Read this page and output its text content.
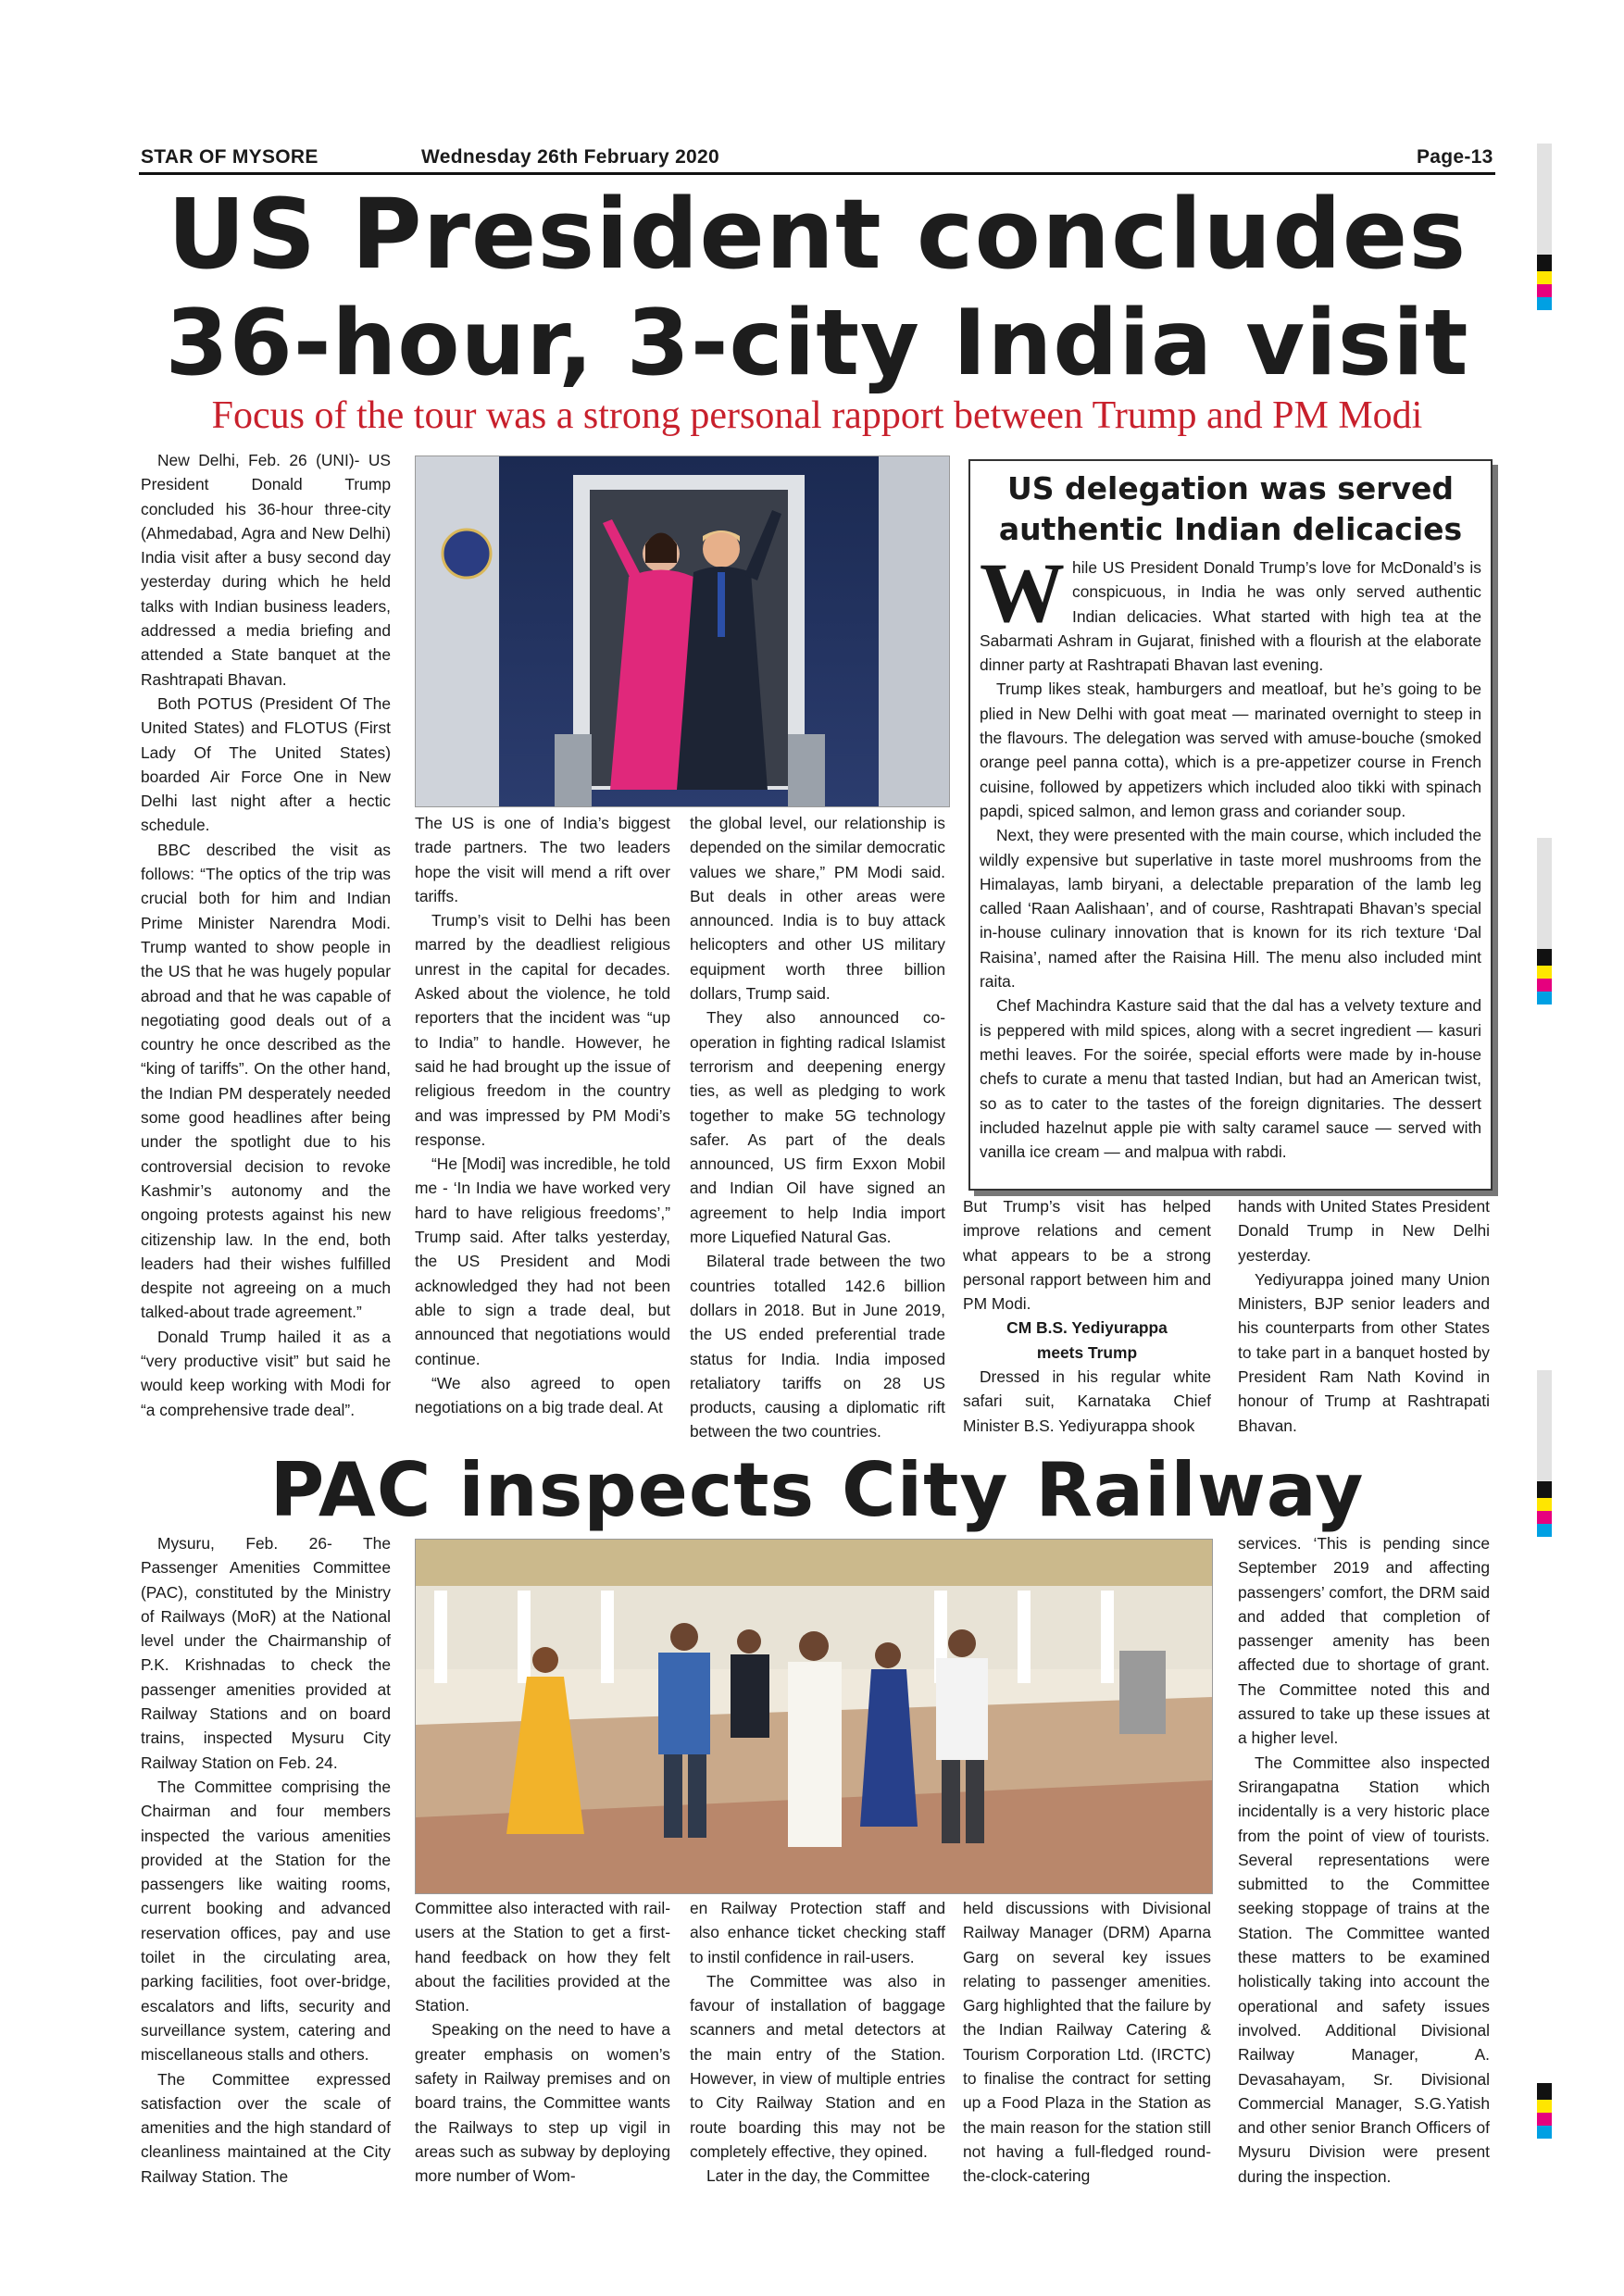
STAR OF MYSORE	Wednesday 26th February 2020	Page-13
US President concludes
36-hour, 3-city India visit
Focus of the tour was a strong personal rapport between Trump and PM Modi

New Delhi, Feb. 26 (UNI)- US President Donald Trump concluded his 36-hour three-city (Ahmedabad, Agra and New Delhi) India visit after a busy second day yesterday during which he held talks with Indian business leaders, addressed a media briefing and attended a State banquet at the Rashtrapati Bhavan.

Both POTUS (President Of The United States) and FLOTUS (First Lady Of The United States) boarded Air Force One in New Delhi last night after a hectic schedule.

BBC described the visit as follows: “The optics of the trip was crucial both for him and Indian Prime Minister Narendra Modi. Trump wanted to show people in the US that he was hugely popular abroad and that he was capable of negotiating good deals out of a country he once described as the “king of tariffs”. On the other hand, the Indian PM desperately needed some good headlines after being under the spotlight due to his controversial decision to revoke Kashmir’s autonomy and the ongoing protests against his new citizenship law. In the end, both leaders had their wishes fulfilled despite not agreeing on a much talked-about trade agreement.”

Donald Trump hailed it as a “very productive visit” but said he would keep working with Modi for “a comprehensive trade deal”.

The US is one of India’s biggest trade partners. The two leaders hope the visit will mend a rift over tariffs.

Trump’s visit to Delhi has been marred by the deadliest religious unrest in the capital for decades. Asked about the violence, he told reporters that the incident was “up to India” to handle. However, he said he had brought up the issue of religious freedom in the country and was impressed by PM Modi’s response.

“He [Modi] was incredible, he told me - ‘In India we have worked very hard to have religious freedoms’,” Trump said. After talks yesterday, the US President and Modi acknowledged they had not been able to sign a trade deal, but announced that negotiations would continue.

“We also agreed to open negotiations on a big trade deal. At

the global level, our relationship is depended on the similar democratic values we share,” PM Modi said. But deals in other areas were announced. India is to buy attack helicopters and other US military equipment worth three billion dollars, Trump said.

They also announced co-operation in fighting radical Islamist terrorism and deepening energy ties, as well as pledging to work together to make 5G technology safer. As part of the deals announced, US firm Exxon Mobil and Indian Oil have signed an agreement to help India import more Liquefied Natural Gas.

Bilateral trade between the two countries totalled 142.6 billion dollars in 2018. But in June 2019, the US ended preferential trade status for India. India imposed retaliatory tariffs on 28 US products, causing a diplomatic rift between the two countries.

US delegation was served authentic Indian delicacies

While US President Donald Trump’s love for McDonald’s is conspicuous, in India he was only served authentic Indian delicacies. What started with high tea at the Sabarmati Ashram in Gujarat, finished with a flourish at the elaborate dinner party at Rashtrapati Bhavan last evening.

Trump likes steak, hamburgers and meatloaf, but he’s going to be plied in New Delhi with goat meat — marinated overnight to steep in the flavours. The delegation was served with amuse-bouche (smoked orange peel panna cotta), which is a pre-appetizer course in French cuisine, followed by appetizers which included aloo tikki with spinach papdi, spiced salmon, and lemon grass and coriander soup.

Next, they were presented with the main course, which included the wildly expensive but superlative in taste morel mushrooms from the Himalayas, lamb biryani, a delectable preparation of the lamb leg called ‘Raan Aalishaan’, and of course, Rashtrapati Bhavan’s special in-house culinary innovation that is known for its rich texture ‘Dal Raisina’, named after the Raisina Hill. The menu also included mint raita.

Chef Machindra Kasture said that the dal has a velvety texture and is peppered with mild spices, along with a secret ingredient — kasuri methi leaves. For the soirée, special efforts were made by in-house chefs to curate a menu that tasted Indian, but had an American twist, so as to cater to the tastes of the foreign dignitaries. The dessert included hazelnut apple pie with salty caramel sauce — served with vanilla ice cream — and malpua with rabdi.

But Trump’s visit has helped improve relations and cement what appears to be a strong personal rapport between him and PM Modi.

CM B.S. Yediyurappa meets Trump

Dressed in his regular white safari suit, Karnataka Chief Minister B.S. Yediyurappa shook

hands with United States President Donald Trump in New Delhi yesterday.

Yediyurappa joined many Union Ministers, BJP senior leaders and his counterparts from other States to take part in a banquet hosted by President Ram Nath Kovind in honour of Trump at Rashtrapati Bhavan.

PAC inspects City Railway

Mysuru, Feb. 26- The Passenger Amenities Committee (PAC), constituted by the Ministry of Railways (MoR) at the National level under the Chairmanship of P.K. Krishnadas to check the passenger amenities provided at Railway Stations and on board trains, inspected Mysuru City Railway Station on Feb. 24.

The Committee comprising the Chairman and four members inspected the various amenities provided at the Station for the passengers like waiting rooms, current booking and advanced reservation offices, pay and use toilet in the circulating area, parking facilities, foot over-bridge, escalators and lifts, security and surveillance system, catering and miscellaneous stalls and others.

The Committee expressed satisfaction over the scale of amenities and the high standard of cleanliness maintained at the City Railway Station. The

Committee also interacted with rail-users at the Station to get a first-hand feedback on how they felt about the facilities provided at the Station.

Speaking on the need to have a greater emphasis on women’s safety in Railway premises and on board trains, the Committee wants the Railways to step up vigil in areas such as subway by deploying more number of Wom-

en Railway Protection staff and also enhance ticket checking staff to instil confidence in rail-users.

The Committee was also in favour of installation of baggage scanners and metal detectors at the main entry of the Station. However, in view of multiple entries to City Railway Station and en route boarding this may not be completely effective, they opined.

Later in the day, the Committee

held discussions with Divisional Railway Manager (DRM) Aparna Garg on several key issues relating to passenger amenities. Garg highlighted that the failure by the Indian Railway Catering & Tourism Corporation Ltd. (IRCTC) to finalise the contract for setting up a Food Plaza in the Station as the main reason for the station still not having a full-fledged round-the-clock-catering

services. ‘This is pending since September 2019 and affecting passengers’ comfort, the DRM said and added that completion of passenger amenity has been affected due to shortage of grant. The Committee noted this and assured to take up these issues at a higher level.

The Committee also inspected Srirangapatna Station which incidentally is a very historic place from the point of view of tourists. Several representations were submitted to the Committee seeking stoppage of trains at the Station. The Committee wanted these matters to be examined holistically taking into account the operational and safety issues involved. Additional Divisional Railway Manager, A. Devasahayam, Sr. Divisional Commercial Manager, S.G.Yatish and other senior Branch Officers of Mysuru Division were present during the inspection.
